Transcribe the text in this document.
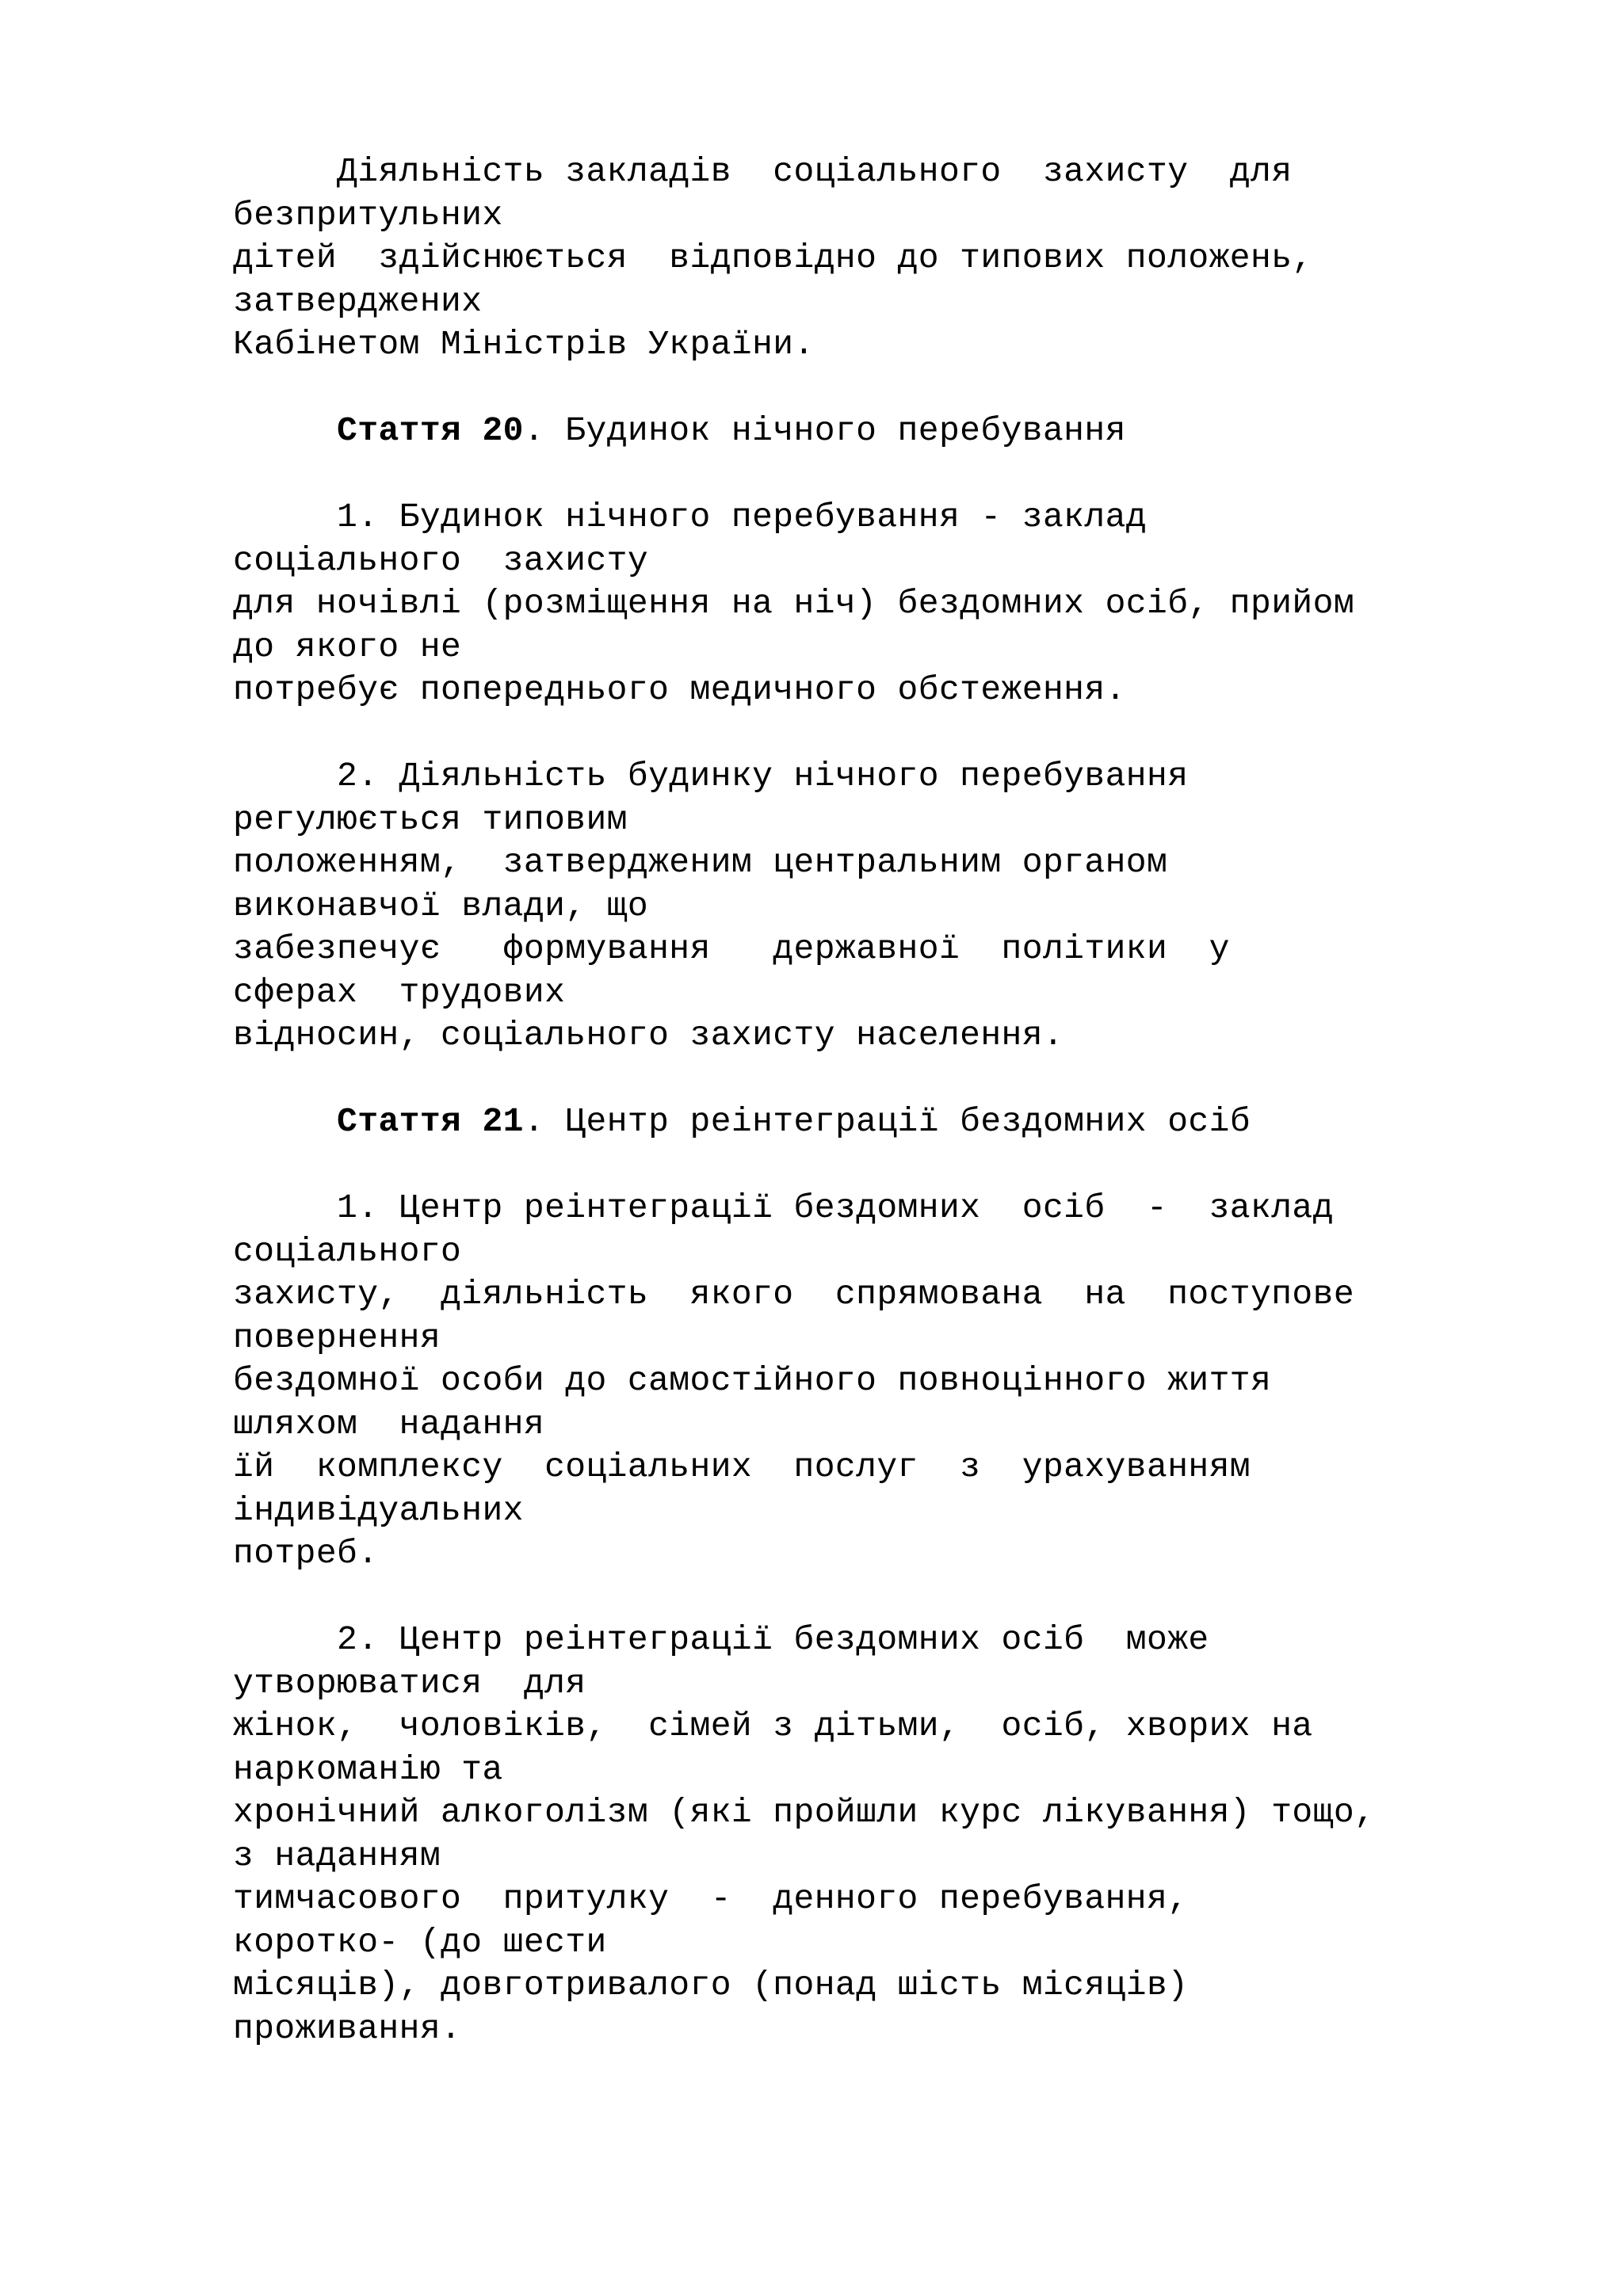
Діяльність закладів  соціального  захисту  для
безпритульних
дітей  здійснюється  відповідно до типових положень,
затверджених
Кабінетом Міністрів України.
Стаття 20. Будинок нічного перебування
1. Будинок нічного перебування - заклад
соціального  захисту
для ночівлі (розміщення на ніч) бездомних осіб, прийом
до якого не
потребує попереднього медичного обстеження.
2. Діяльність будинку нічного перебування
регулюється типовим
положенням,  затвердженим центральним органом
виконавчої влади, що
забезпечує   формування   державної  політики  у
сферах  трудових
відносин, соціального захисту населення.
Стаття 21. Центр реінтеграції бездомних осіб
1. Центр реінтеграції бездомних  осіб  -  заклад
соціального
захисту,  діяльність  якого  спрямована  на  поступове
повернення
бездомної особи до самостійного повноцінного життя
шляхом  надання
їй  комплексу  соціальних  послуг  з  урахуванням
індивідуальних
потреб.
2. Центр реінтеграції бездомних осіб  може
утворюватися  для
жінок,  чоловіків,  сімей з дітьми,  осіб, хворих на
наркоманію та
хронічний алкоголізм (які пройшли курс лікування) тощо,
з наданням
тимчасового  притулку  -  денного перебування,
коротко- (до шести
місяців), довготривалого (понад шість місяців)
проживання.
